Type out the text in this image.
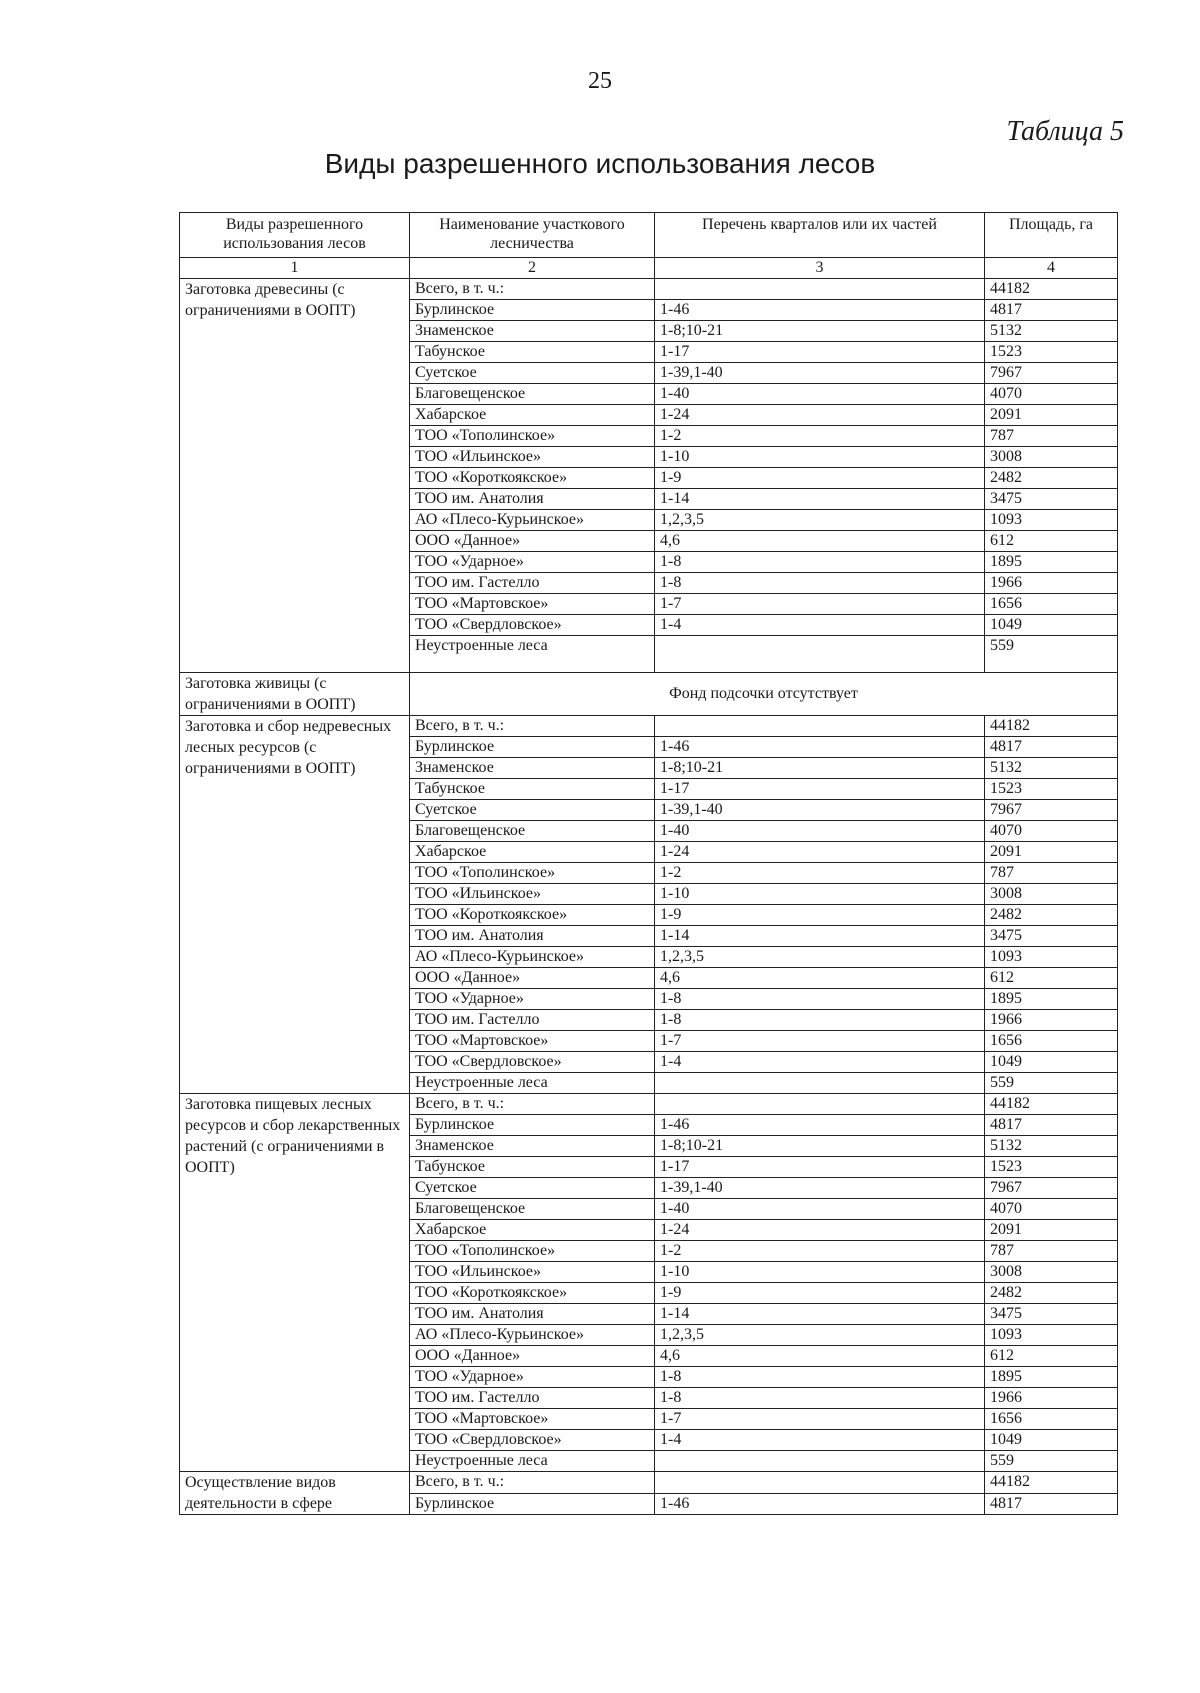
25
Таблица 5
Виды разрешенного использования лесов
Виды разрешенного использования лесов	Наименование участкового лесничества	Перечень кварталов или их частей	Площадь, га
1	2	3	4
Заготовка древесины (с ограничениями в ООПТ)	Всего, в т. ч.:		44182
	Бурлинское	1-46	4817
	Знаменское	1-8;10-21	5132
	Табунское	1-17	1523
	Суетское	1-39,1-40	7967
	Благовещенское	1-40	4070
	Хабарское	1-24	2091
	ТОО «Тополинское»	1-2	787
	ТОО «Ильинское»	1-10	3008
	ТОО «Короткоякское»	1-9	2482
	ТОО им. Анатолия	1-14	3475
	АО «Плесо-Курьинское»	1,2,3,5	1093
	ООО «Данное»	4,6	612
	ТОО «Ударное»	1-8	1895
	ТОО им. Гастелло	1-8	1966
	ТОО «Мартовское»	1-7	1656
	ТОО «Свердловское»	1-4	1049
	Неустроенные леса		559
Заготовка живицы (с ограничениями в ООПТ)	Фонд подсочки отсутствует		
Заготовка и сбор недревесных лесных ресурсов (с ограничениями в ООПТ)	Всего, в т. ч.:		44182
	Бурлинское	1-46	4817
	Знаменское	1-8;10-21	5132
	Табунское	1-17	1523
	Суетское	1-39,1-40	7967
	Благовещенское	1-40	4070
	Хабарское	1-24	2091
	ТОО «Тополинское»	1-2	787
	ТОО «Ильинское»	1-10	3008
	ТОО «Короткоякское»	1-9	2482
	ТОО им. Анатолия	1-14	3475
	АО «Плесо-Курьинское»	1,2,3,5	1093
	ООО «Данное»	4,6	612
	ТОО «Ударное»	1-8	1895
	ТОО им. Гастелло	1-8	1966
	ТОО «Мартовское»	1-7	1656
	ТОО «Свердловское»	1-4	1049
	Неустроенные леса		559
Заготовка пищевых лесных ресурсов и сбор лекарственных растений (с ограничениями в ООПТ)	Всего, в т. ч.:		44182
	Бурлинское	1-46	4817
	Знаменское	1-8;10-21	5132
	Табунское	1-17	1523
	Суетское	1-39,1-40	7967
	Благовещенское	1-40	4070
	Хабарское	1-24	2091
	ТОО «Тополинское»	1-2	787
	ТОО «Ильинское»	1-10	3008
	ТОО «Короткоякское»	1-9	2482
	ТОО им. Анатолия	1-14	3475
	АО «Плесо-Курьинское»	1,2,3,5	1093
	ООО «Данное»	4,6	612
	ТОО «Ударное»	1-8	1895
	ТОО им. Гастелло	1-8	1966
	ТОО «Мартовское»	1-7	1656
	ТОО «Свердловское»	1-4	1049
	Неустроенные леса		559
Осуществление видов деятельности в сфере	Всего, в т. ч.:		44182
	Бурлинское	1-46	4817
